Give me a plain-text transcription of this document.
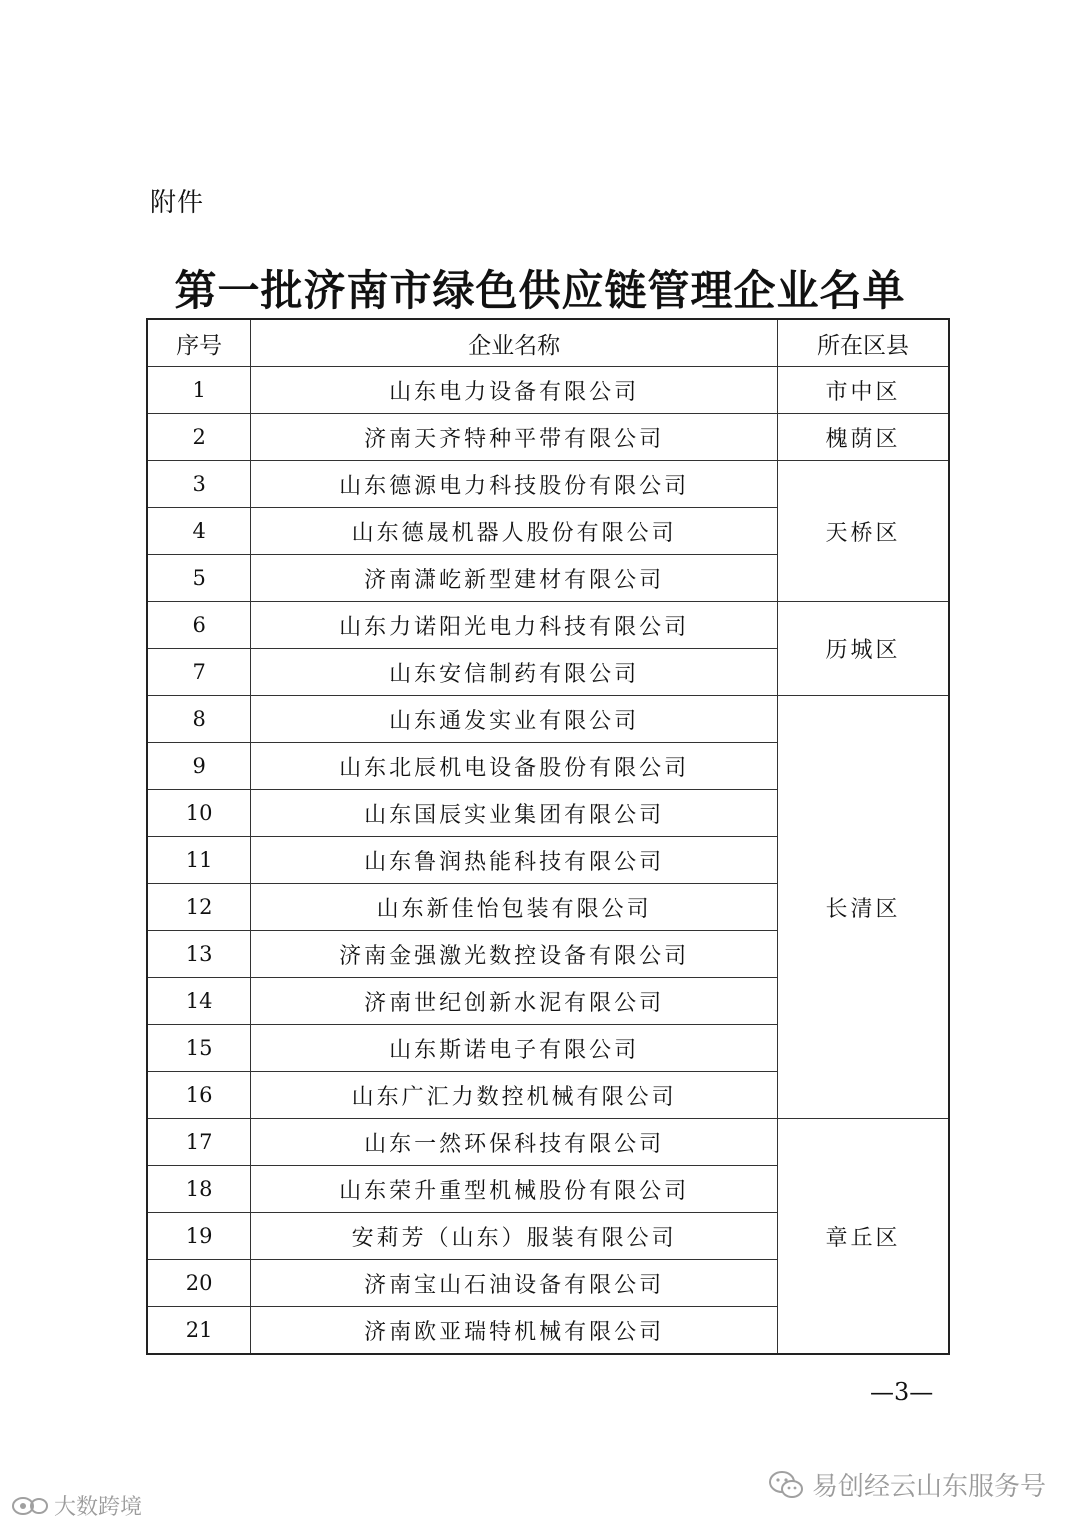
附件
第一批济南市绿色供应链管理企业名单
序号	企业名称	所在区县
1	山东电力设备有限公司	市中区
2	济南天齐特种平带有限公司	槐荫区
3	山东德源电力科技股份有限公司	天桥区
4	山东德晟机器人股份有限公司	
5	济南潇屹新型建材有限公司	
6	山东力诺阳光电力科技有限公司	历城区
7	山东安信制药有限公司	
8	山东通发实业有限公司	长清区
9	山东北辰机电设备股份有限公司	
10	山东国辰实业集团有限公司	
11	山东鲁润热能科技有限公司	
12	山东新佳怡包装有限公司	
13	济南金强激光数控设备有限公司	
14	济南世纪创新水泥有限公司	
15	山东斯诺电子有限公司	
16	山东广汇力数控机械有限公司	
17	山东一然环保科技有限公司	章丘区
18	山东荣升重型机械股份有限公司	
19	安莉芳（山东）服装有限公司	
20	济南宝山石油设备有限公司	
21	济南欧亚瑞特机械有限公司	
—3—
大数跨境
易创经云山东服务号
